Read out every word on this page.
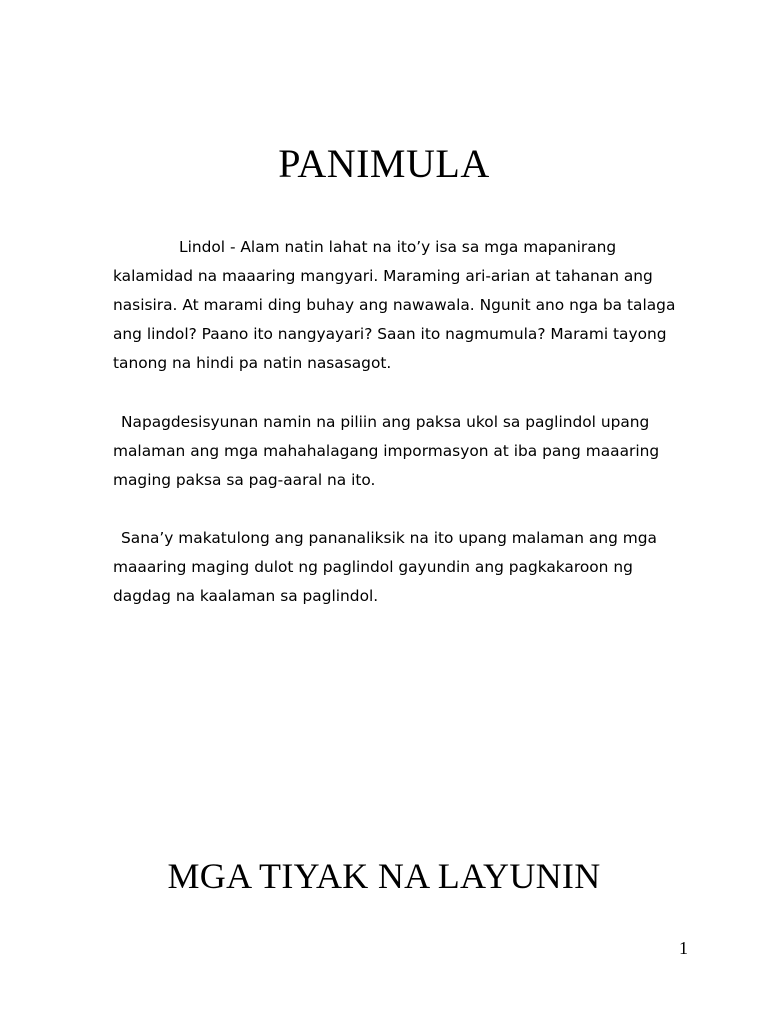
PANIMULA

Lindol - Alam natin lahat na ito’y isa sa mga mapanirang kalamidad na maaaring mangyari. Maraming ari-arian at tahanan ang nasisira. At marami ding buhay ang nawawala. Ngunit ano nga ba talaga ang lindol? Paano ito nangyayari? Saan ito nagmumula? Marami tayong tanong na hindi pa natin nasasagot.

Napagdesisyunan namin na piliin ang paksa ukol sa paglindol upang malaman ang mga mahahalagang impormasyon at iba pang maaaring maging paksa sa pag-aaral na ito.

Sana’y makatulong ang pananaliksik na ito upang malaman ang mga maaaring maging dulot ng paglindol gayundin ang pagkakaroon ng dagdag na kaalaman sa paglindol.

MGA TIYAK NA LAYUNIN

1
